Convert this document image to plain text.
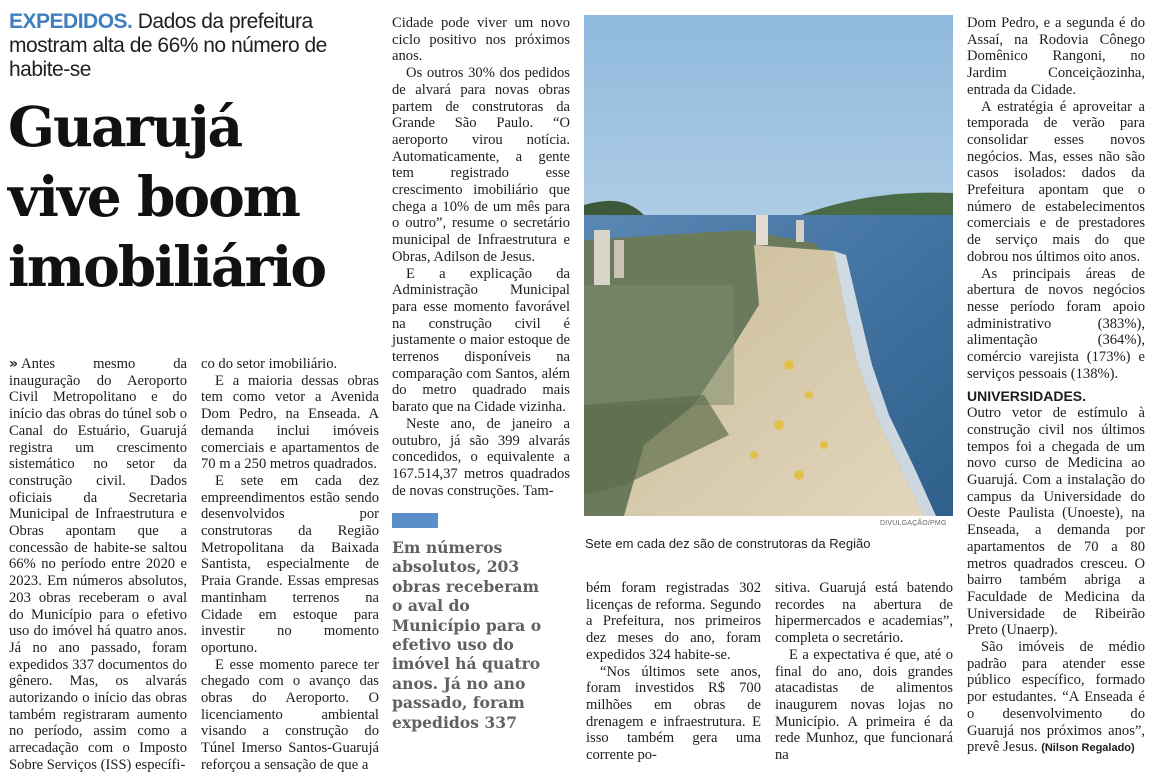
EXPEDIDOS. Dados da prefeitura mostram alta de 66% no número de habite-se
Guarujá
vive boom
imobiliário

» Antes mesmo da inauguração do Aeroporto Civil Metropolitano e do início das obras do túnel sob o Canal do Estuário, Guarujá registra um crescimento sistemático no setor da construção civil. Dados oficiais da Secretaria Municipal de Infraestrutura e Obras apontam que a concessão de habite-se saltou 66% no período entre 2020 e 2023. Em números absolutos, 203 obras receberam o aval do Município para o efetivo uso do imóvel há quatro anos. Já no ano passado, foram expedidos 337 documentos do gênero. Mas, os alvarás autorizando o início das obras também registraram aumento no período, assim como a arrecadação com o Imposto Sobre Serviços (ISS) específi-

co do setor imobiliário.

E a maioria dessas obras tem como vetor a Avenida Dom Pedro, na Enseada. A demanda inclui imóveis comerciais e apartamentos de 70 m a 250 metros quadrados.

E sete em cada dez empreendimentos estão sendo desenvolvidos por construtoras da Região Metropolitana da Baixada Santista, especialmente de Praia Grande. Essas empresas mantinham terrenos na Cidade em estoque para investir no momento oportuno.

E esse momento parece ter chegado com o avanço das obras do Aeroporto. O licenciamento ambiental visando a construção do Túnel Imerso Santos-Guarujá reforçou a sensação de que a

Cidade pode viver um novo ciclo positivo nos próximos anos.

Os outros 30% dos pedidos de alvará para novas obras partem de construtoras da Grande São Paulo. “O aeroporto virou notícia. Automaticamente, a gente tem registrado esse crescimento imobiliário que chega a 10% de um mês para o outro”, resume o secretário municipal de Infraestrutura e Obras, Adilson de Jesus.

E a explicação da Administração Municipal para esse momento favorável na construção civil é justamente o maior estoque de terrenos disponíveis na comparação com Santos, além do metro quadrado mais barato que na Cidade vizinha.

Neste ano, de janeiro a outubro, já são 399 alvarás concedidos, o equivalente a 167.514,37 metros quadrados de novas construções. Tam-

Em números absolutos, 203 obras receberam o aval do Município para o efetivo uso do imóvel há quatro anos. Já no ano passado, foram expedidos 337
DIVULGAÇÃO/PMG
Sete em cada dez são de construtoras da Região

bém foram registradas 302 licenças de reforma. Segundo a Prefeitura, nos primeiros dez meses do ano, foram expedidos 324 habite-se.

“Nos últimos sete anos, foram investidos R$ 700 milhões em obras de drenagem e infraestrutura. E isso também gera uma corrente po-

sitiva. Guarujá está batendo recordes na abertura de hipermercados e academias”, completa o secretário.

E a expectativa é que, até o final do ano, dois grandes atacadistas de alimentos inaugurem novas lojas no Município. A primeira é da rede Munhoz, que funcionará na

Dom Pedro, e a segunda é do Assaí, na Rodovia Cônego Domênico Rangoni, no Jardim Conceiçãozinha, entrada da Cidade.

A estratégia é aproveitar a temporada de verão para consolidar esses novos negócios. Mas, esses não são casos isolados: dados da Prefeitura apontam que o número de estabelecimentos comerciais e de prestadores de serviço mais do que dobrou nos últimos oito anos.

As principais áreas de abertura de novos negócios nesse período foram apoio administrativo (383%), alimentação (364%), comércio varejista (173%) e serviços pessoais (138%).

UNIVERSIDADES.

Outro vetor de estímulo à construção civil nos últimos tempos foi a chegada de um novo curso de Medicina ao Guarujá. Com a instalação do campus da Universidade do Oeste Paulista (Unoeste), na Enseada, a demanda por apartamentos de 70 a 80 metros quadrados cresceu. O bairro também abriga a Faculdade de Medicina da Universidade de Ribeirão Preto (Unaerp).

São imóveis de médio padrão para atender esse público específico, formado por estudantes. “A Enseada é o desenvolvimento do Guarujá nos próximos anos”, prevê Jesus. (Nilson Regalado)
